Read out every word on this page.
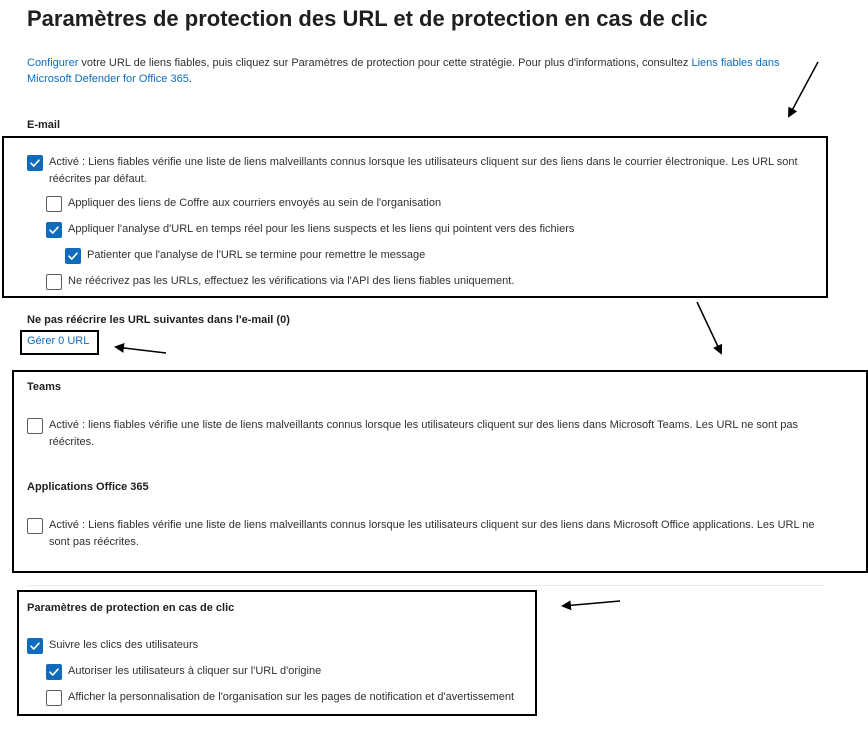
Paramètres de protection des URL et de protection en cas de clic
Configurer votre URL de liens fiables, puis cliquez sur Paramètres de protection pour cette stratégie. Pour plus d'informations, consultez Liens fiables dans Microsoft Defender for Office 365.
E-mail
Activé : Liens fiables vérifie une liste de liens malveillants connus lorsque les utilisateurs cliquent sur des liens dans le courrier électronique. Les URL sont réécrites par défaut.
Appliquer des liens de Coffre aux courriers envoyés au sein de l'organisation
Appliquer l'analyse d'URL en temps réel pour les liens suspects et les liens qui pointent vers des fichiers
Patienter que l'analyse de l'URL se termine pour remettre le message
Ne réécrivez pas les URLs, effectuez les vérifications via l'API des liens fiables uniquement.
Ne pas réécrire les URL suivantes dans l'e-mail (0)
Gérer 0 URL
Teams
Activé : liens fiables vérifie une liste de liens malveillants connus lorsque les utilisateurs cliquent sur des liens dans Microsoft Teams. Les URL ne sont pas réécrites.
Applications Office 365
Activé : Liens fiables vérifie une liste de liens malveillants connus lorsque les utilisateurs cliquent sur des liens dans Microsoft Office applications. Les URL ne sont pas réécrites.
Paramètres de protection en cas de clic
Suivre les clics des utilisateurs
Autoriser les utilisateurs à cliquer sur l'URL d'origine
Afficher la personnalisation de l'organisation sur les pages de notification et d'avertissement
